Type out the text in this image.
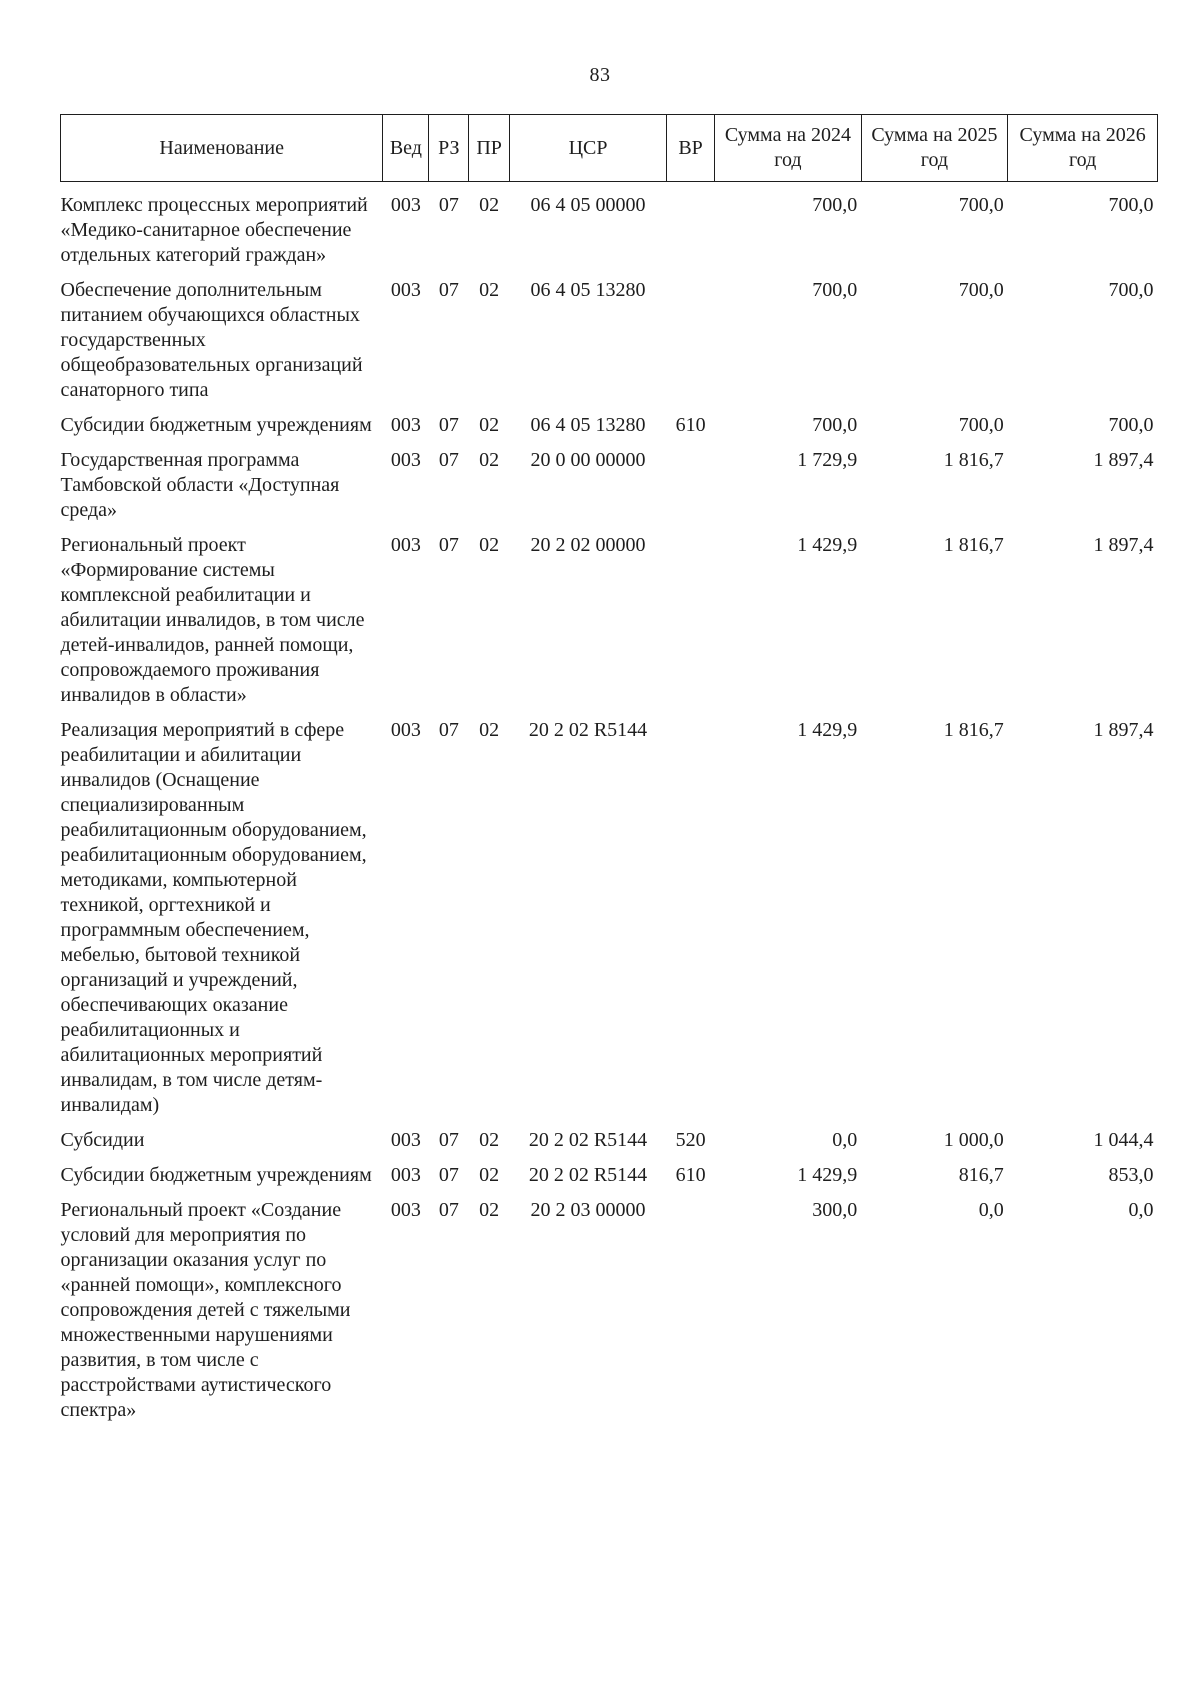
83
Наименование	Вед	РЗ	ПР	ЦСР	ВР	Сумма на 2024 год	Сумма на 2025 год	Сумма на 2026 год

Комплекс процессных мероприятий «Медико-санитарное обеспечение отдельных категорий граждан»	003	07	02	06 4 05 00000		700,0	700,0	700,0
Обеспечение дополнительным питанием обучающихся областных государственных общеобразовательных организаций санаторного типа	003	07	02	06 4 05 13280		700,0	700,0	700,0
Субсидии бюджетным учреждениям	003	07	02	06 4 05 13280	610	700,0	700,0	700,0
Государственная программа Тамбовской области «Доступная среда»	003	07	02	20 0 00 00000		1 729,9	1 816,7	1 897,4
Региональный проект «Формирование системы комплексной реабилитации и абилитации инвалидов, в том числе детей-инвалидов, ранней помощи, сопровождаемого проживания инвалидов в области»	003	07	02	20 2 02 00000		1 429,9	1 816,7	1 897,4
Реализация мероприятий в сфере реабилитации и абилитации инвалидов (Оснащение специализированным реабилитационным оборудованием, реабилитационным оборудованием, методиками, компьютерной техникой, оргтехникой и программным обеспечением, мебелью, бытовой техникой организаций и учреждений, обеспечивающих оказание реабилитационных и абилитационных мероприятий инвалидам, в том числе детям-инвалидам)	003	07	02	20 2 02 R5144		1 429,9	1 816,7	1 897,4
Субсидии	003	07	02	20 2 02 R5144	520	0,0	1 000,0	1 044,4
Субсидии бюджетным учреждениям	003	07	02	20 2 02 R5144	610	1 429,9	816,7	853,0
Региональный проект «Создание условий для мероприятия по организации оказания услуг по «ранней помощи», комплексного сопровождения детей с тяжелыми множественными нарушениями развития, в том числе с расстройствами аутистического спектра»	003	07	02	20 2 03 00000		300,0	0,0	0,0
